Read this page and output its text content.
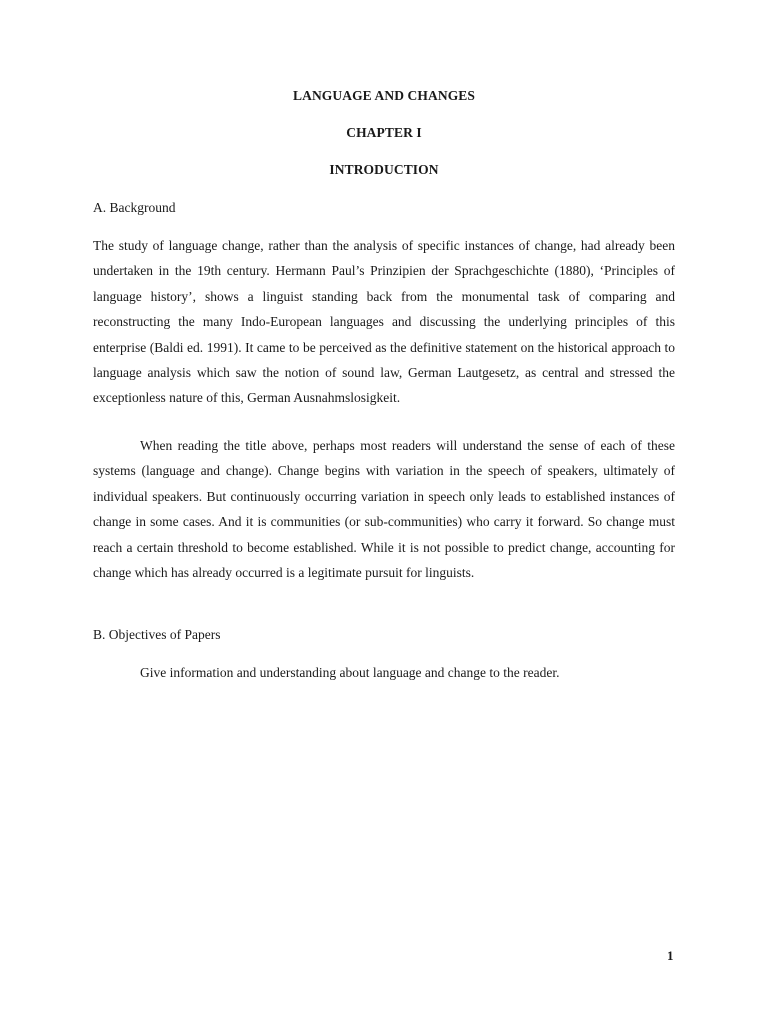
LANGUAGE AND CHANGES
CHAPTER I
INTRODUCTION
A. Background
The study of language change, rather than the analysis of specific instances of change, had already been undertaken in the 19th century. Hermann Paul’s Prinzipien der Sprachgeschichte (1880), ‘Principles of language history’, shows a linguist standing back from the monumental task of comparing and reconstructing the many Indo-European languages and discussing the underlying principles of this enterprise (Baldi ed. 1991). It came to be perceived as the definitive statement on the historical approach to language analysis which saw the notion of sound law, German Lautgesetz, as central and stressed the exceptionless nature of this, German Ausnahmslosigkeit.
When reading the title above, perhaps most readers will understand the sense of each of these systems (language and change). Change begins with variation in the speech of speakers, ultimately of individual speakers. But continuously occurring variation in speech only leads to established instances of change in some cases. And it is communities (or sub-communities) who carry it forward. So change must reach a certain threshold to become established. While it is not possible to predict change, accounting for change which has already occurred is a legitimate pursuit for linguists.
B. Objectives of Papers
Give information and understanding about language and change to the reader.
1
